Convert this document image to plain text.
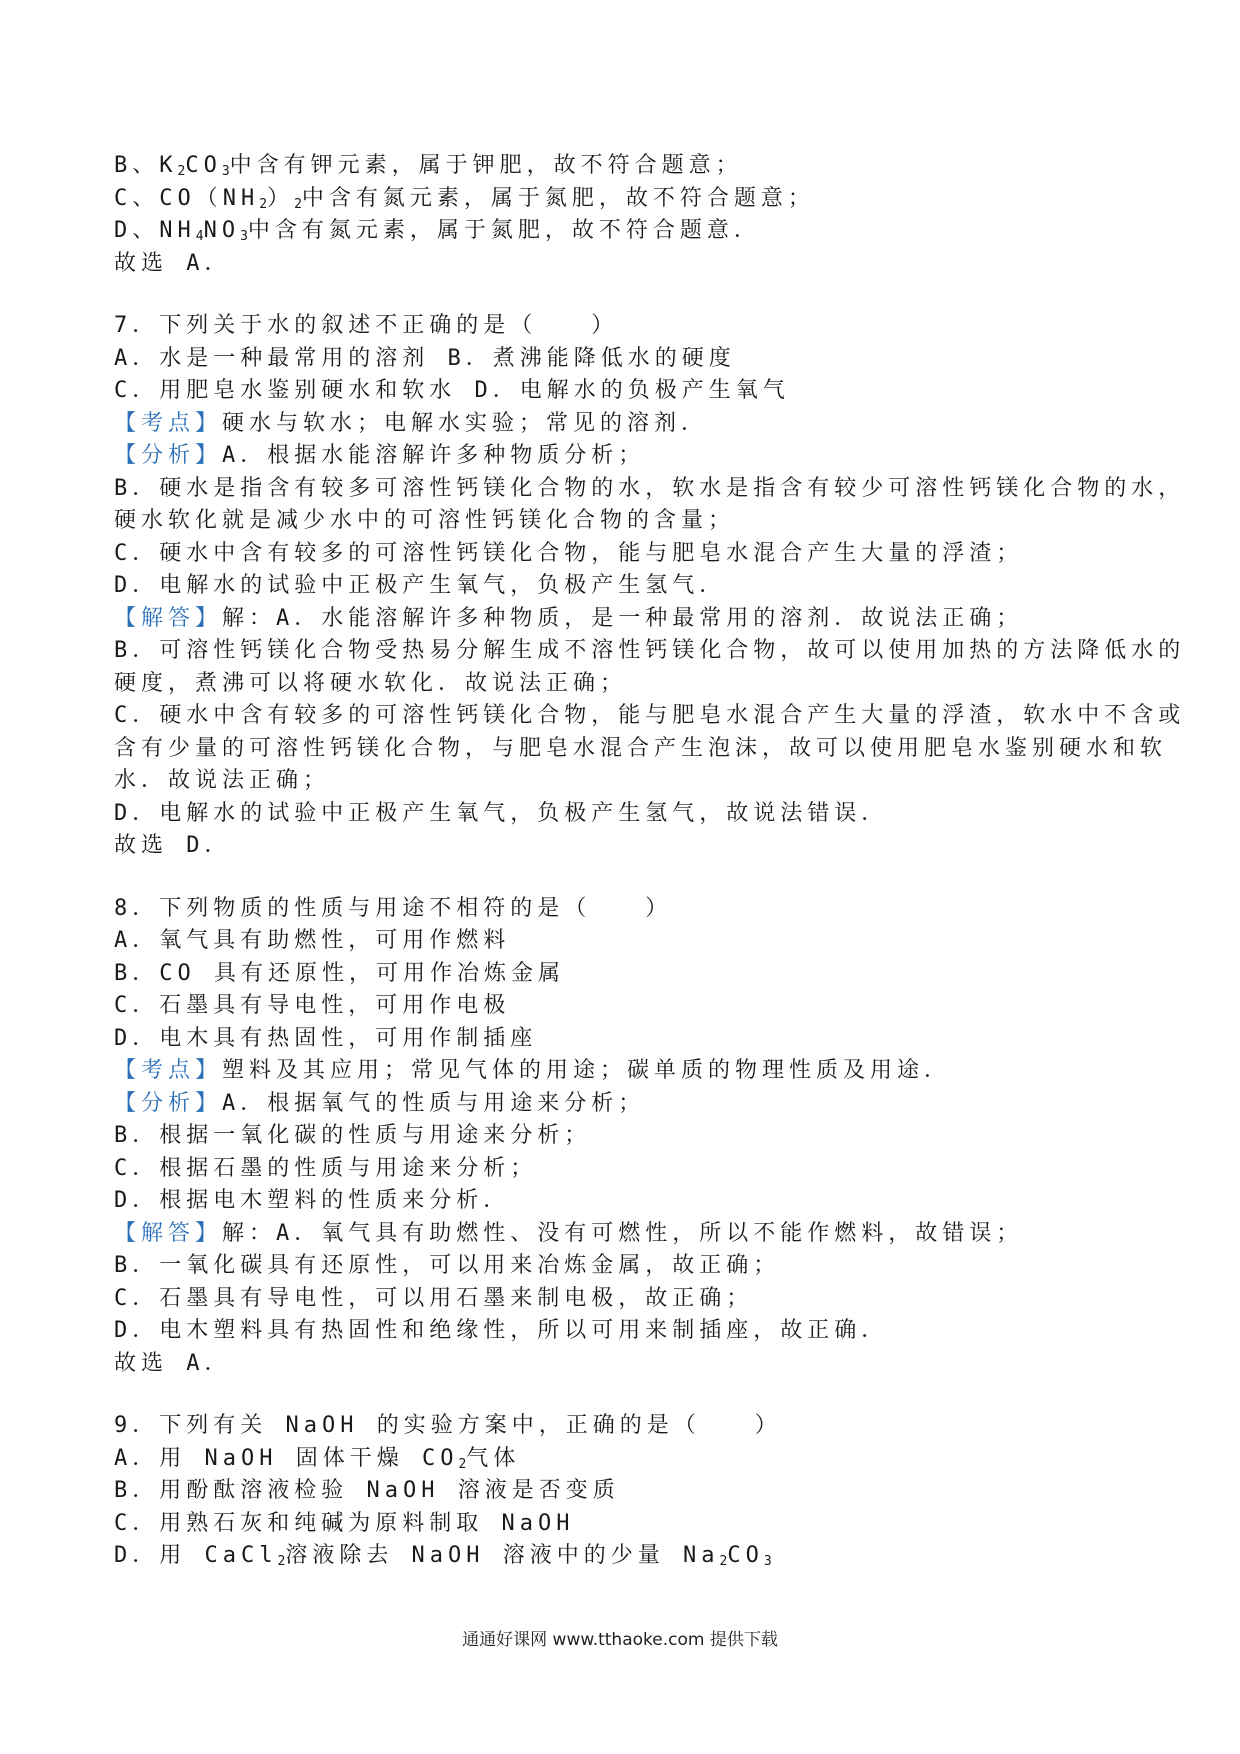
B、$K_2CO_3$中含有钾元素，属于钾肥，故不符合题意；
C、$CO(NH_2)_2$中含有氮元素，属于氮肥，故不符合题意；
D、$NH_4NO_3$中含有氮元素，属于氮肥，故不符合题意．
故选 A．
7．下列关于水的叙述不正确的是（　　）
A．水是一种最常用的溶剂 B．煮沸能降低水的硬度
C．用肥皂水鉴别硬水和软水 D．电解水的负极产生氧气
【考点】硬水与软水；电解水实验；常见的溶剂．
【分析】A．根据水能溶解许多种物质分析；
B．硬水是指含有较多可溶性钙镁化合物的水，软水是指含有较少可溶性钙镁化合物的水，
硬水软化就是减少水中的可溶性钙镁化合物的含量；
C．硬水中含有较多的可溶性钙镁化合物，能与肥皂水混合产生大量的浮渣；
D．电解水的试验中正极产生氧气，负极产生氢气．
【解答】解：A．水能溶解许多种物质，是一种最常用的溶剂．故说法正确；
B．可溶性钙镁化合物受热易分解生成不溶性钙镁化合物，故可以使用加热的方法降低水的
硬度，煮沸可以将硬水软化．故说法正确；
C．硬水中含有较多的可溶性钙镁化合物，能与肥皂水混合产生大量的浮渣，软水中不含或
含有少量的可溶性钙镁化合物，与肥皂水混合产生泡沫，故可以使用肥皂水鉴别硬水和软
水．故说法正确；
D．电解水的试验中正极产生氧气，负极产生氢气，故说法错误．
故选 D．
8．下列物质的性质与用途不相符的是（　　）
A．氧气具有助燃性，可用作燃料
B．CO 具有还原性，可用作冶炼金属
C．石墨具有导电性，可用作电极
D．电木具有热固性，可用作制插座
【考点】塑料及其应用；常见气体的用途；碳单质的物理性质及用途．
【分析】A．根据氧气的性质与用途来分析；
B．根据一氧化碳的性质与用途来分析；
C．根据石墨的性质与用途来分析；
D．根据电木塑料的性质来分析．
【解答】解：A．氧气具有助燃性、没有可燃性，所以不能作燃料，故错误；
B．一氧化碳具有还原性，可以用来冶炼金属，故正确；
C．石墨具有导电性，可以用石墨来制电极，故正确；
D．电木塑料具有热固性和绝缘性，所以可用来制插座，故正确．
故选 A．
9．下列有关 NaOH 的实验方案中，正确的是（　　）
A．用 NaOH 固体干燥 $CO_2$气体
B．用酚酞溶液检验 NaOH 溶液是否变质
C．用熟石灰和纯碱为原料制取 NaOH
D．用 CaCl$_2$溶液除去 NaOH 溶液中的少量 $Na_2CO_3$
通通好课网 www.tthaoke.com 提供下载
